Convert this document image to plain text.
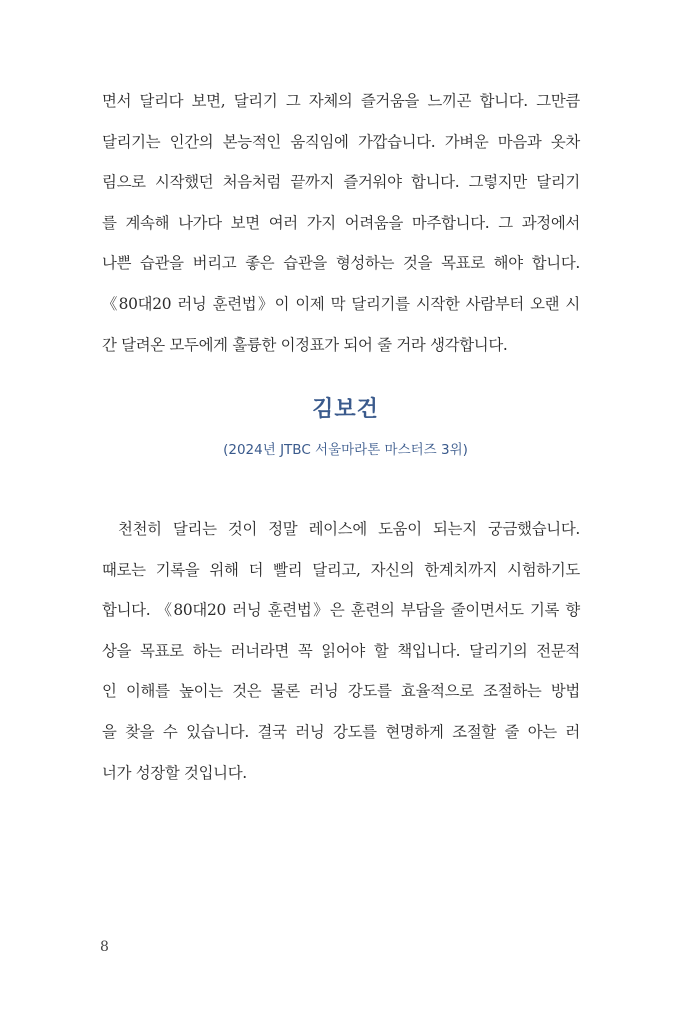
면서 달리다 보면, 달리기 그 자체의 즐거움을 느끼곤 합니다. 그만큼
달리기는 인간의 본능적인 움직임에 가깝습니다. 가벼운 마음과 옷차
림으로 시작했던 처음처럼 끝까지 즐거워야 합니다. 그렇지만 달리기
를 계속해 나가다 보면 여러 가지 어려움을 마주합니다. 그 과정에서
나쁜 습관을 버리고 좋은 습관을 형성하는 것을 목표로 해야 합니다.
《80대20 러닝 훈련법》이 이제 막 달리기를 시작한 사람부터 오랜 시
간 달려온 모두에게 훌륭한 이정표가 되어 줄 거라 생각합니다.
김보건

(2024년 JTBC 서울마라톤 마스터즈 3위)

천천히 달리는 것이 정말 레이스에 도움이 되는지 궁금했습니다.
때로는 기록을 위해 더 빨리 달리고, 자신의 한계치까지 시험하기도
합니다. 《80대20 러닝 훈련법》은 훈련의 부담을 줄이면서도 기록 향
상을 목표로 하는 러너라면 꼭 읽어야 할 책입니다. 달리기의 전문적
인 이해를 높이는 것은 물론 러닝 강도를 효율적으로 조절하는 방법
을 찾을 수 있습니다. 결국 러닝 강도를 현명하게 조절할 줄 아는 러
너가 성장할 것입니다.
8
